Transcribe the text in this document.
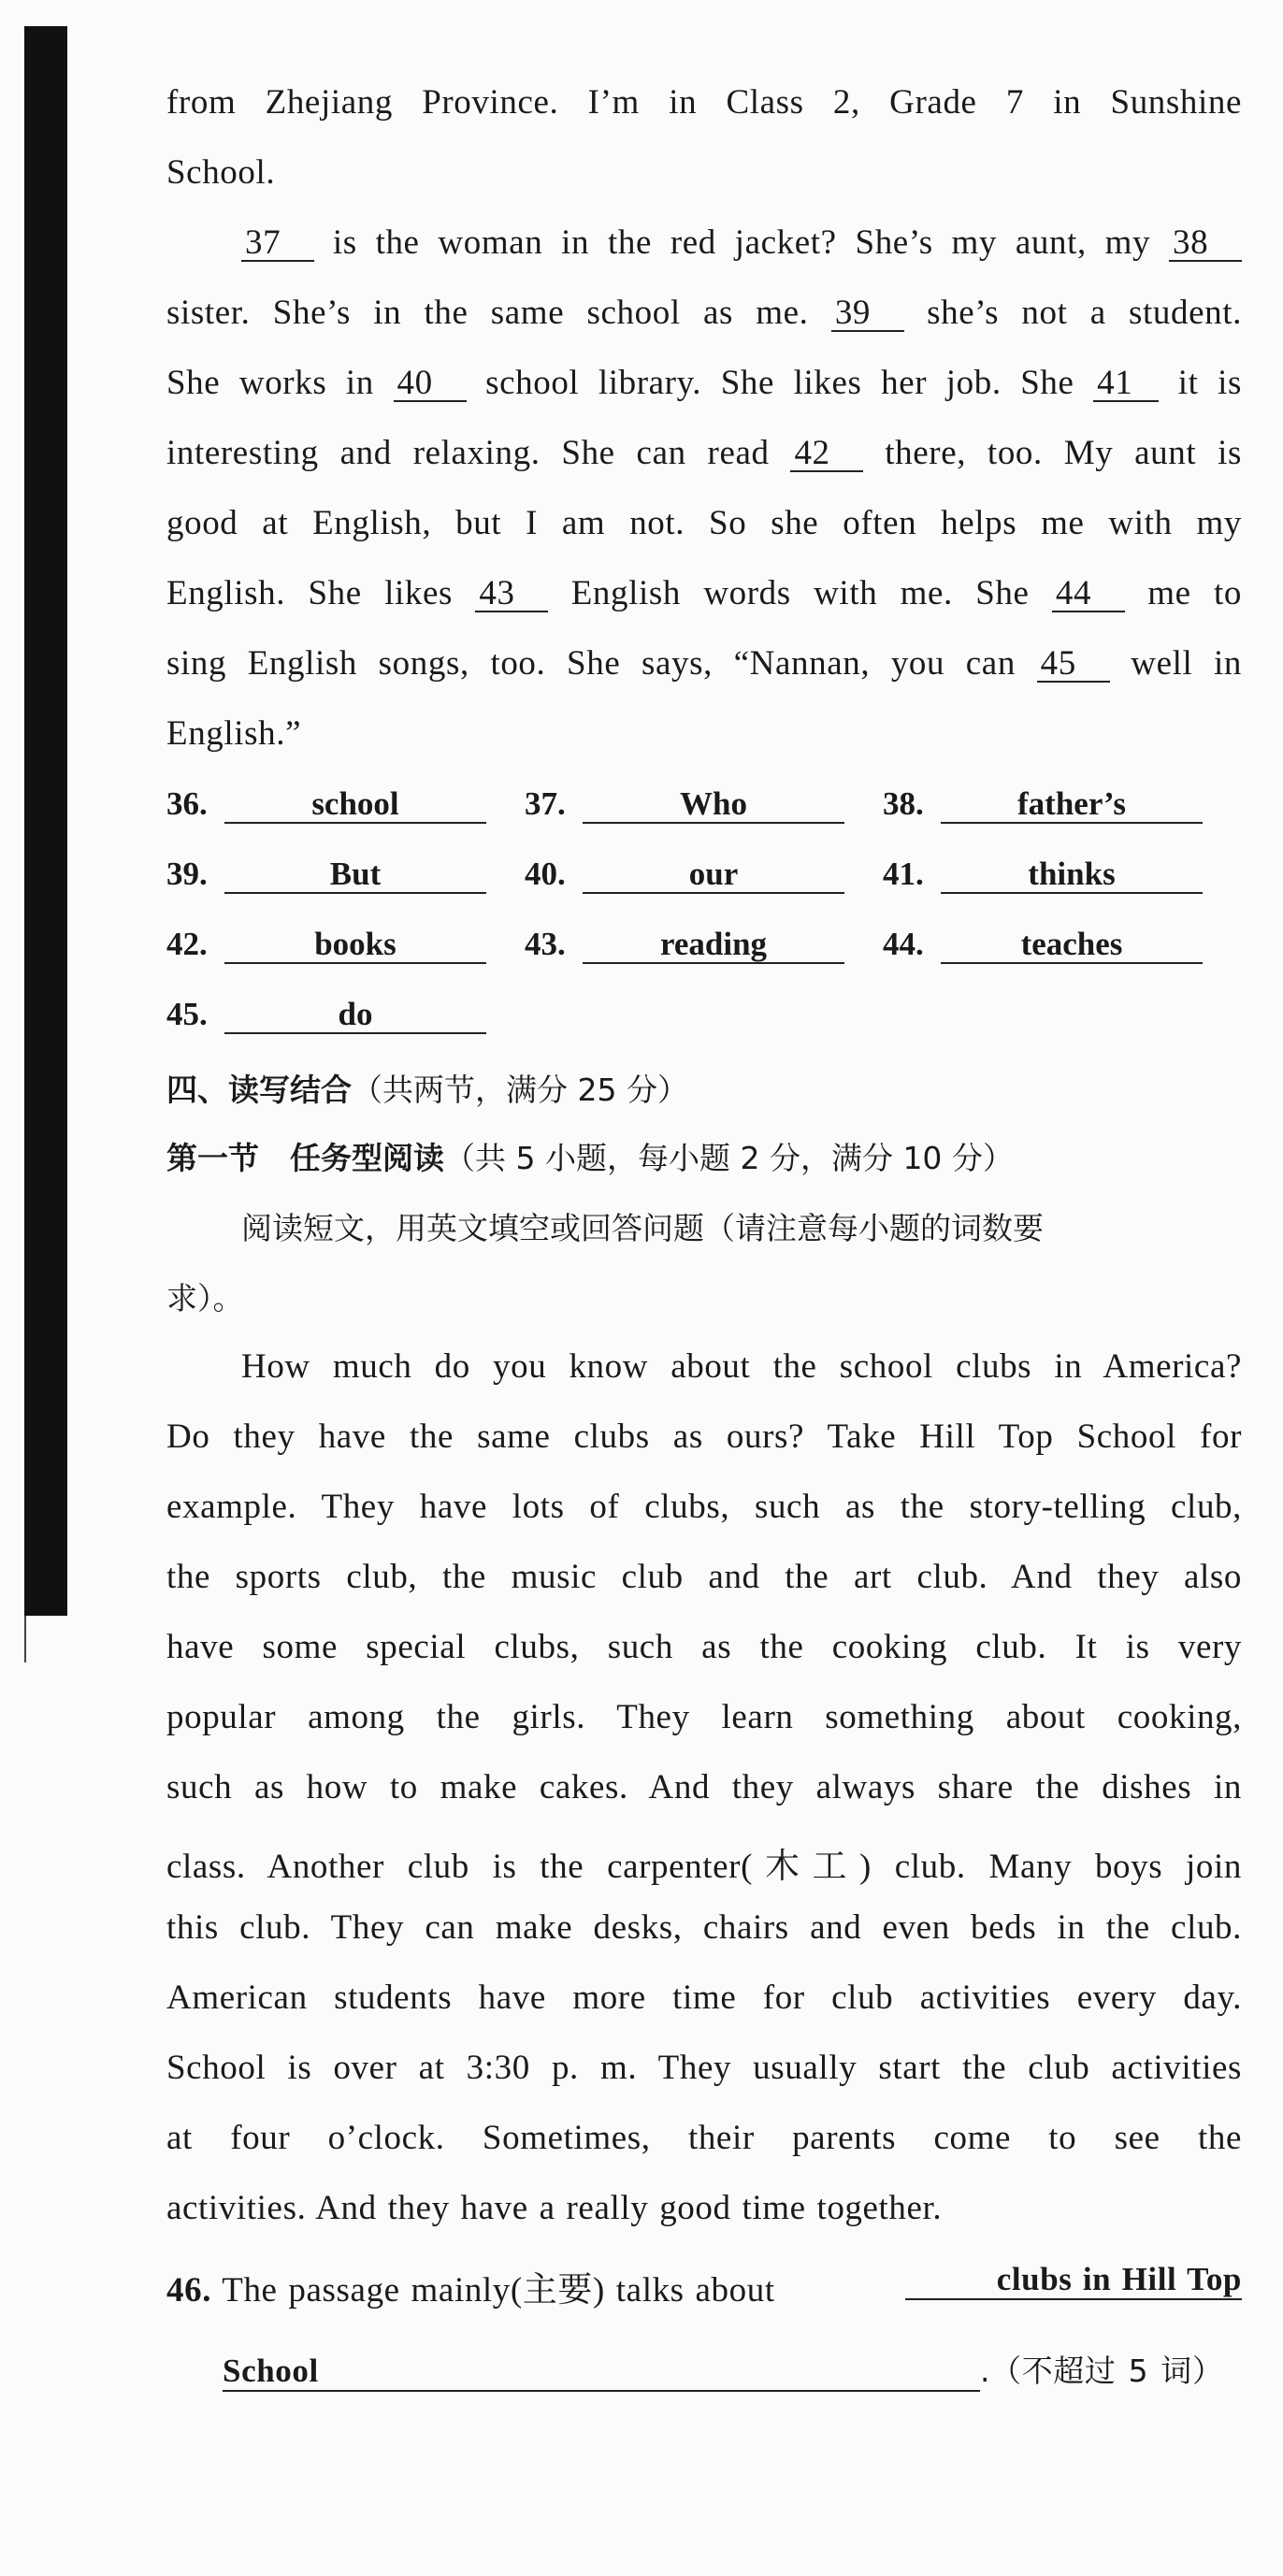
from Zhejiang Province. I’m in Class 2, Grade 7 in Sunshine
School.
37 is the woman in the red jacket? She’s my aunt, my 38
sister. She’s in the same school as me. 39 she’s not a student.
She works in 40 school library. She likes her job. She 41 it is
interesting and relaxing. She can read 42 there, too. My aunt is
good at English, but I am not. So she often helps me with my
English. She likes 43 English words with me. She 44 me to
sing English songs, too. She says, “Nannan, you can 45 well in
English.”
36.	school	37.	Who	38.	father’s
39.	But	40.	our	41.	thinks
42.	books	43.	reading	44.	teaches
45.	do
四、读写结合（共两节，满分 25 分）
第一节　任务型阅读（共 5 小题，每小题 2 分，满分 10 分）
阅读短文，用英文填空或回答问题（请注意每小题的词数要
求）。
How much do you know about the school clubs in America?
Do they have the same clubs as ours? Take Hill Top School for
example. They have lots of clubs, such as the story-telling club,
the sports club, the music club and the art club. And they also
have some special clubs, such as the cooking club. It is very
popular among the girls. They learn something about cooking,
such as how to make cakes. And they always share the dishes in
class. Another club is the carpenter(木工) club. Many boys join
this club. They can make desks, chairs and even beds in the club.
American students have more time for club activities every day.
School is over at 3:30 p. m. They usually start the club activities
at four o’clock. Sometimes, their parents come to see the
activities. And they have a really good time together.
46. The passage mainly(主要) talks about	clubs in Hill Top
School	.（不超过 5 词）
